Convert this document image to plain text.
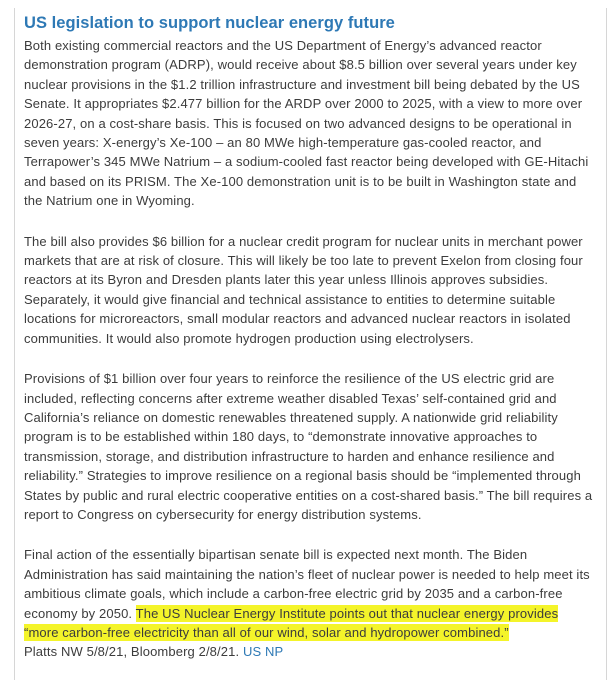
US legislation to support nuclear energy future

Both existing commercial reactors and the US Department of Energy’s advanced reactor demonstration program (ADRP), would receive about $8.5 billion over several years under key nuclear provisions in the $1.2 trillion infrastructure and investment bill being debated by the US Senate. It appropriates $2.477 billion for the ARDP over 2000 to 2025, with a view to more over 2026-27, on a cost-share basis. This is focused on two advanced designs to be operational in seven years: X-energy’s Xe-100 – an 80 MWe high-temperature gas-cooled reactor, and Terrapower’s 345 MWe Natrium – a sodium-cooled fast reactor being developed with GE-Hitachi and based on its PRISM. The Xe-100 demonstration unit is to be built in Washington state and the Natrium one in Wyoming.

The bill also provides $6 billion for a nuclear credit program for nuclear units in merchant power markets that are at risk of closure. This will likely be too late to prevent Exelon from closing four reactors at its Byron and Dresden plants later this year unless Illinois approves subsidies. Separately, it would give financial and technical assistance to entities to determine suitable locations for microreactors, small modular reactors and advanced nuclear reactors in isolated communities. It would also promote hydrogen production using electrolysers.

Provisions of $1 billion over four years to reinforce the resilience of the US electric grid are included, reflecting concerns after extreme weather disabled Texas’ self-contained grid and California’s reliance on domestic renewables threatened supply. A nationwide grid reliability program is to be established within 180 days, to “demonstrate innovative approaches to transmission, storage, and distribution infrastructure to harden and enhance resilience and reliability.” Strategies to improve resilience on a regional basis should be “implemented through States by public and rural electric cooperative entities on a cost-shared basis.” The bill requires a report to Congress on cybersecurity for energy distribution systems.

Final action of the essentially bipartisan senate bill is expected next month. The Biden Administration has said maintaining the nation’s fleet of nuclear power is needed to help meet its ambitious climate goals, which include a carbon-free electric grid by 2035 and a carbon-free economy by 2050. The US Nuclear Energy Institute points out that nuclear energy provides “more carbon-free electricity than all of our wind, solar and hydropower combined.”
Platts NW 5/8/21, Bloomberg 2/8/21. US NP
